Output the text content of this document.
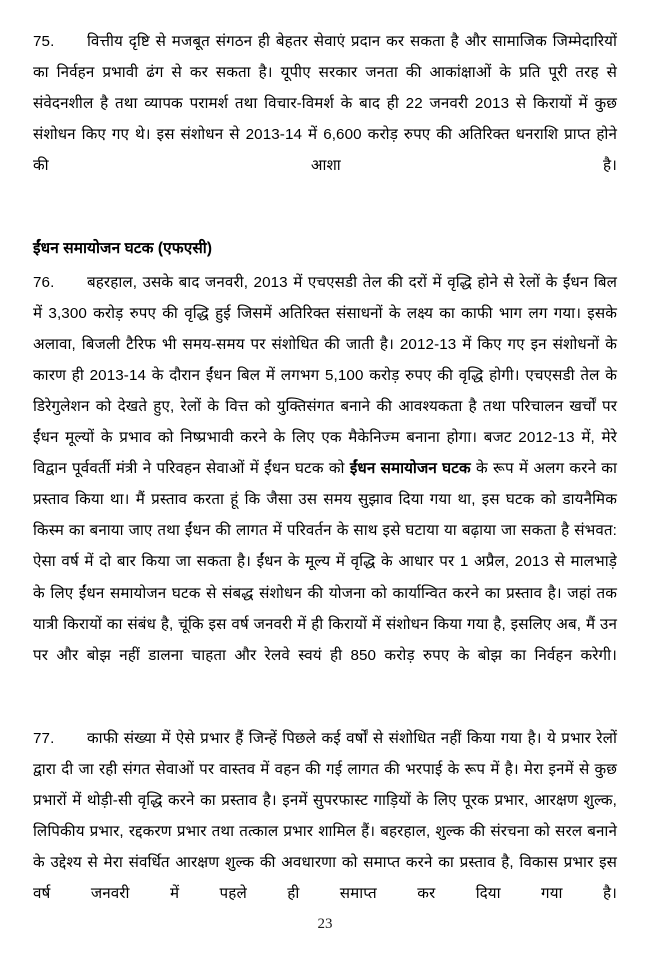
75. वित्तीय दृष्टि से मजबूत संगठन ही बेहतर सेवाएं प्रदान कर सकता है और सामाजिक जिम्मेदारियों का निर्वहन प्रभावी ढंग से कर सकता है। यूपीए सरकार जनता की आकांक्षाओं के प्रति पूरी तरह से संवेदनशील है तथा व्यापक परामर्श तथा विचार-विमर्श के बाद ही 22 जनवरी 2013 से किरायों में कुछ संशोधन किए गए थे। इस संशोधन से 2013-14 में 6,600 करोड़ रुपए की अतिरिक्त धनराशि प्राप्त होने की आशा है।

ईंधन समायोजन घटक (एफएसी)

76. बहरहाल, उसके बाद जनवरी, 2013 में एचएसडी तेल की दरों में वृद्धि होने से रेलों के ईंधन बिल में 3,300 करोड़ रुपए की वृद्धि हुई जिसमें अतिरिक्त संसाधनों के लक्ष्य का काफी भाग लग गया। इसके अलावा, बिजली टैरिफ भी समय-समय पर संशोधित की जाती है। 2012-13 में किए गए इन संशोधनों के कारण ही 2013-14 के दौरान ईंधन बिल में लगभग 5,100 करोड़ रुपए की वृद्धि होगी। एचएसडी तेल के डिरेगुलेशन को देखते हुए, रेलों के वित्त को युक्तिसंगत बनाने की आवश्यकता है तथा परिचालन खर्चों पर ईंधन मूल्यों के प्रभाव को निष्प्रभावी करने के लिए एक मैकेनिज्म बनाना होगा। बजट 2012-13 में, मेरे विद्वान पूर्ववर्ती मंत्री ने परिवहन सेवाओं में ईंधन घटक को ईंधन समायोजन घटक के रूप में अलग करने का प्रस्ताव किया था। मैं प्रस्ताव करता हूं कि जैसा उस समय सुझाव दिया गया था, इस घटक को डायनैमिक किस्म का बनाया जाए तथा ईंधन की लागत में परिवर्तन के साथ इसे घटाया या बढ़ाया जा सकता है संभवत: ऐसा वर्ष में दो बार किया जा सकता है। ईंधन के मूल्य में वृद्धि के आधार पर 1 अप्रैल, 2013 से मालभाड़े के लिए ईंधन समायोजन घटक से संबद्ध संशोधन की योजना को कार्यान्वित करने का प्रस्ताव है। जहां तक यात्री किरायों का संबंध है, चूंकि इस वर्ष जनवरी में ही किरायों में संशोधन किया गया है, इसलिए अब, मैं उन पर और बोझ नहीं डालना चाहता और रेलवे स्वयं ही 850 करोड़ रुपए के बोझ का निर्वहन करेगी।

77. काफी संख्या में ऐसे प्रभार हैं जिन्हें पिछले कई वर्षों से संशोधित नहीं किया गया है। ये प्रभार रेलों द्वारा दी जा रही संगत सेवाओं पर वास्तव में वहन की गई लागत की भरपाई के रूप में है। मेरा इनमें से कुछ प्रभारों में थोड़ी-सी वृद्धि करने का प्रस्ताव है। इनमें सुपरफास्ट गाड़ियों के लिए पूरक प्रभार, आरक्षण शुल्क, लिपिकीय प्रभार, रद्दकरण प्रभार तथा तत्काल प्रभार शामिल हैं। बहरहाल, शुल्क की संरचना को सरल बनाने के उद्देश्य से मेरा संवर्धित आरक्षण शुल्क की अवधारणा को समाप्त करने का प्रस्ताव है, विकास प्रभार इस वर्ष जनवरी में पहले ही समाप्त कर दिया गया है।

23
